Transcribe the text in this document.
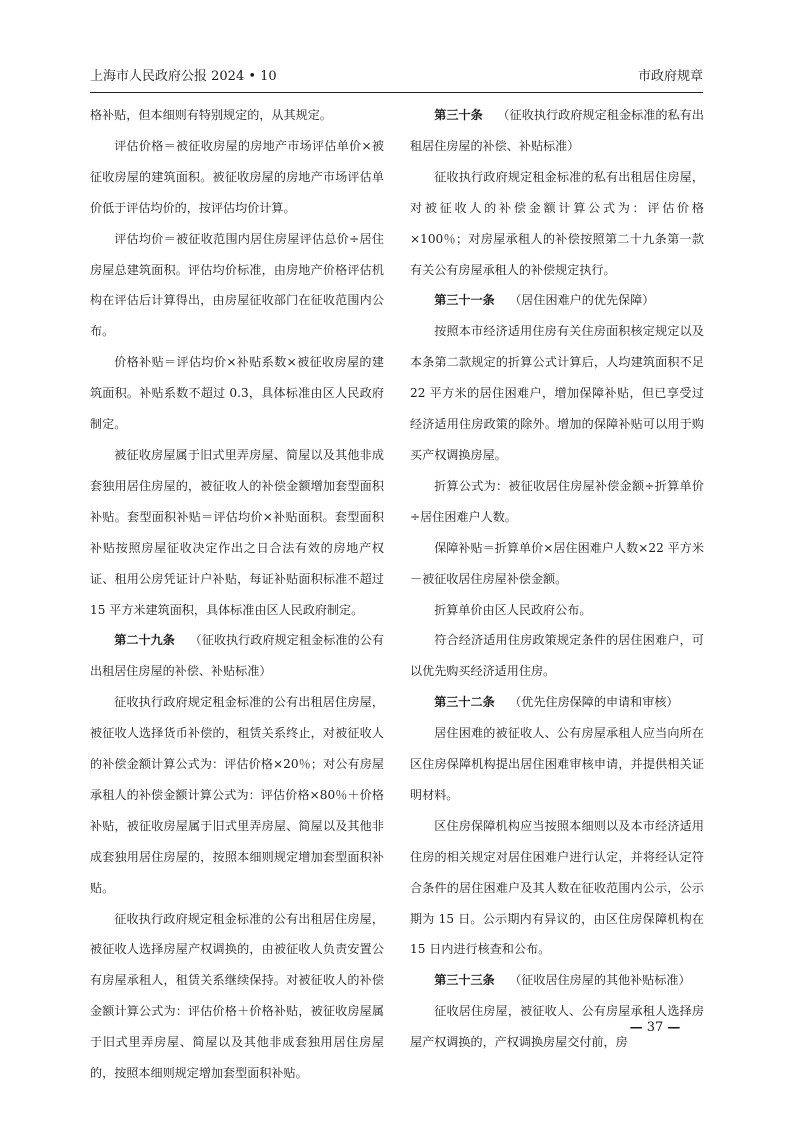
上海市人民政府公报 2024 • 10	市政府规章

格补贴，但本细则有特别规定的，从其规定。

评估价格＝被征收房屋的房地产市场评估单价×被征收房屋的建筑面积。被征收房屋的房地产市场评估单价低于评估均价的，按评估均价计算。

评估均价＝被征收范围内居住房屋评估总价÷居住房屋总建筑面积。评估均价标准，由房地产价格评估机构在评估后计算得出，由房屋征收部门在征收范围内公布。

价格补贴＝评估均价×补贴系数×被征收房屋的建筑面积。补贴系数不超过 0.3，具体标准由区人民政府制定。

被征收房屋属于旧式里弄房屋、简屋以及其他非成套独用居住房屋的，被征收人的补偿金额增加套型面积补贴。套型面积补贴＝评估均价×补贴面积。套型面积补贴按照房屋征收决定作出之日合法有效的房地产权证、租用公房凭证计户补贴，每证补贴面积标准不超过 15 平方米建筑面积，具体标准由区人民政府制定。

第二十九条 （征收执行政府规定租金标准的公有出租居住房屋的补偿、补贴标准）

征收执行政府规定租金标准的公有出租居住房屋，被征收人选择货币补偿的，租赁关系终止，对被征收人的补偿金额计算公式为：评估价格×20％；对公有房屋承租人的补偿金额计算公式为：评估价格×80％＋价格补贴，被征收房屋属于旧式里弄房屋、简屋以及其他非成套独用居住房屋的，按照本细则规定增加套型面积补贴。

征收执行政府规定租金标准的公有出租居住房屋，被征收人选择房屋产权调换的，由被征收人负责安置公有房屋承租人，租赁关系继续保持。对被征收人的补偿金额计算公式为：评估价格＋价格补贴，被征收房屋属于旧式里弄房屋、简屋以及其他非成套独用居住房屋的，按照本细则规定增加套型面积补贴。

第三十条 （征收执行政府规定租金标准的私有出租居住房屋的补偿、补贴标准）

征收执行政府规定租金标准的私有出租居住房屋，对被征收人的补偿金额计算公式为：评估价格×100％；对房屋承租人的补偿按照第二十九条第一款有关公有房屋承租人的补偿规定执行。

第三十一条 （居住困难户的优先保障）

按照本市经济适用住房有关住房面积核定规定以及本条第二款规定的折算公式计算后，人均建筑面积不足 22 平方米的居住困难户，增加保障补贴，但已享受过经济适用住房政策的除外。增加的保障补贴可以用于购买产权调换房屋。

折算公式为：被征收居住房屋补偿金额÷折算单价÷居住困难户人数。

保障补贴＝折算单价×居住困难户人数×22 平方米－被征收居住房屋补偿金额。

折算单价由区人民政府公布。

符合经济适用住房政策规定条件的居住困难户，可以优先购买经济适用住房。

第三十二条 （优先住房保障的申请和审核）

居住困难的被征收人、公有房屋承租人应当向所在区住房保障机构提出居住困难审核申请，并提供相关证明材料。

区住房保障机构应当按照本细则以及本市经济适用住房的相关规定对居住困难户进行认定，并将经认定符合条件的居住困难户及其人数在征收范围内公示，公示期为 15 日。公示期内有异议的，由区住房保障机构在 15 日内进行核查和公布。

第三十三条 （征收居住房屋的其他补贴标准）

征收居住房屋，被征收人、公有房屋承租人选择房屋产权调换的，产权调换房屋交付前，房

— 37 —
